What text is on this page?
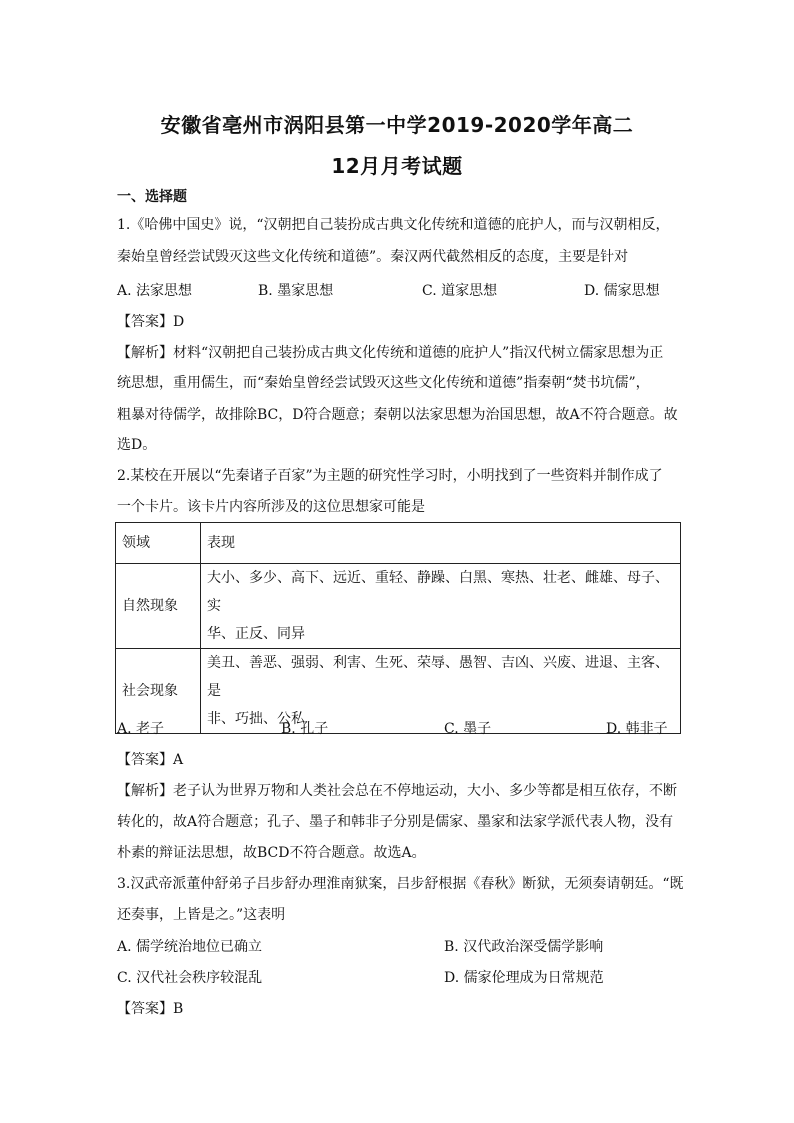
安徽省亳州市涡阳县第一中学2019-2020学年高二
12月月考试题
一、选择题
1.《哈佛中国史》说，“汉朝把自己装扮成古典文化传统和道德的庇护人，而与汉朝相反，
秦始皇曾经尝试毁灭这些文化传统和道德”。秦汉两代截然相反的态度，主要是针对
A. 法家思想	B. 墨家思想	C. 道家思想	D. 儒家思想
【答案】D
【解析】材料“汉朝把自己装扮成古典文化传统和道德的庇护人”指汉代树立儒家思想为正
统思想，重用儒生，而“秦始皇曾经尝试毁灭这些文化传统和道德”指秦朝“焚书坑儒”，
粗暴对待儒学，故排除BC，D符合题意；秦朝以法家思想为治国思想，故A不符合题意。故
选D。
2.某校在开展以“先秦诸子百家”为主题的研究性学习时，小明找到了一些资料并制作成了
一个卡片。该卡片内容所涉及的这位思想家可能是
领域	表现
自然现象	大小、多少、高下、远近、重轻、静躁、白黑、寒热、壮老、雌雄、母子、实
华、正反、同异

社会现象	美丑、善恶、强弱、利害、生死、荣辱、愚智、吉凶、兴废、进退、主客、是
非、巧拙、公私
A. 老子	B. 孔子	C. 墨子	D. 韩非子
【答案】A
【解析】老子认为世界万物和人类社会总在不停地运动，大小、多少等都是相互依存，不断
转化的，故A符合题意；孔子、墨子和韩非子分别是儒家、墨家和法家学派代表人物，没有
朴素的辩证法思想，故BCD不符合题意。故选A。
3.汉武帝派董仲舒弟子吕步舒办理淮南狱案，吕步舒根据《春秋》断狱，无须奏请朝廷。“既
还奏事，上皆是之。”这表明
A. 儒学统治地位已确立	B. 汉代政治深受儒学影响
C. 汉代社会秩序较混乱	D. 儒家伦理成为日常规范
【答案】B
